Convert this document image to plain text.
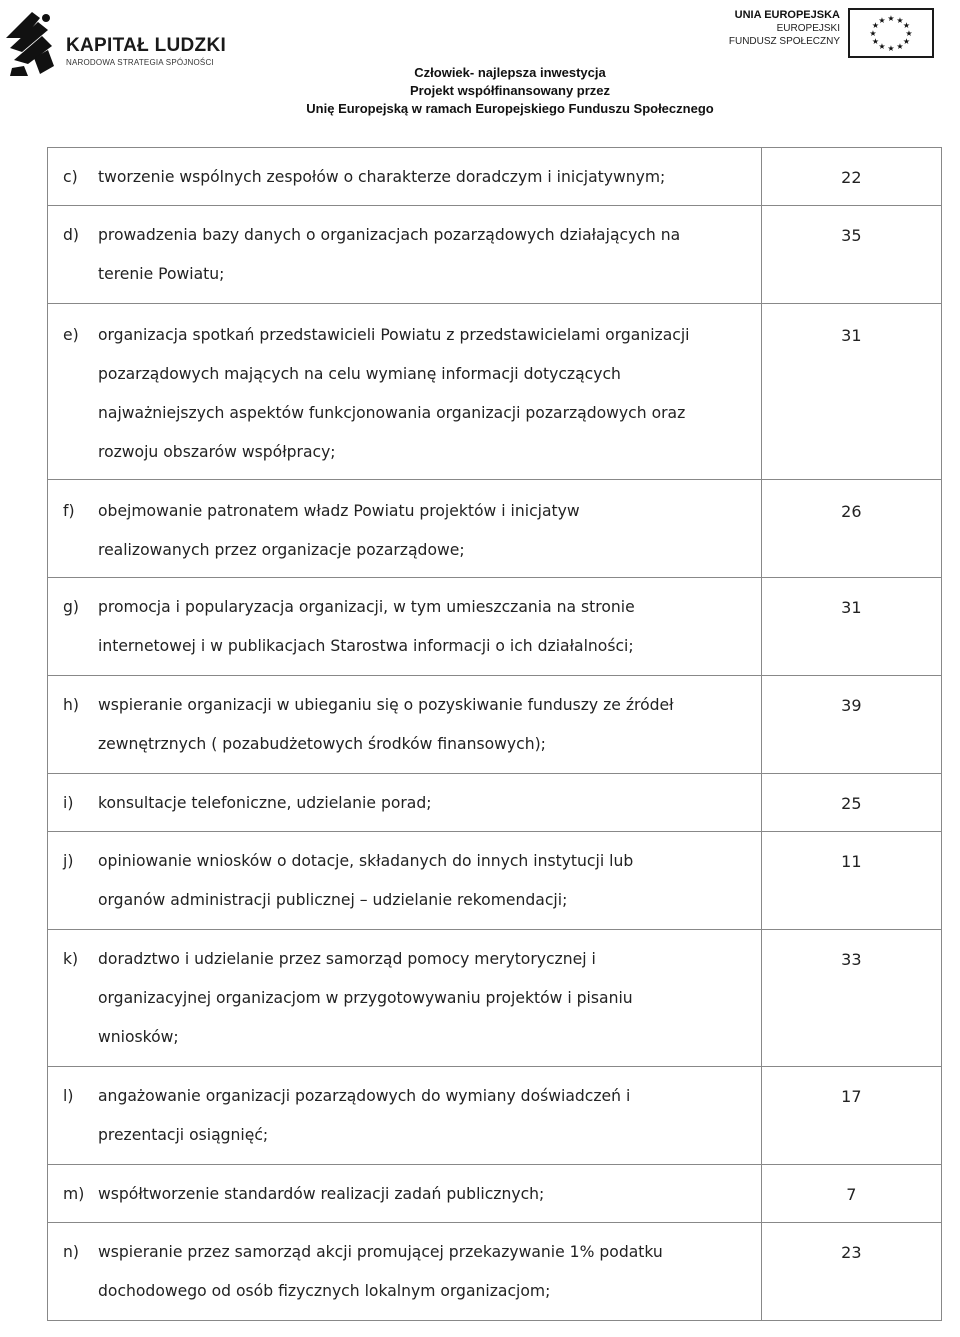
KAPITAŁ LUDZKI
NARODOWA STRATEGIA SPÓJNOŚCI
UNIA EUROPEJSKA
EUROPEJSKI
FUNDUSZ SPOŁECZNY
★ ★
★
★
★
★
★
★
★
★
★
★
Człowiek- najlepsza inwestycja
Projekt współfinansowany przez
Unię Europejską w ramach Europejskiego Funduszu Społecznego
c) tworzenie wspólnych zespołów o charakterze doradczym i inicjatywnym;	22

d) prowadzenia bazy danych o organizacjach pozarządowych działających na
terenie Powiatu;	35

e) organizacja spotkań przedstawicieli Powiatu z przedstawicielami organizacji
pozarządowych mających na celu wymianę informacji dotyczących
najważniejszych aspektów funkcjonowania organizacji pozarządowych oraz
rozwoju obszarów współpracy;	31

f) obejmowanie patronatem władz Powiatu projektów i inicjatyw
realizowanych przez organizacje pozarządowe;	26

g) promocja i popularyzacja organizacji, w tym umieszczania na stronie
internetowej i w publikacjach Starostwa informacji o ich działalności;	31

h) wspieranie organizacji w ubieganiu się o pozyskiwanie funduszy ze źródeł
zewnętrznych ( pozabudżetowych środków finansowych);	39

i) konsultacje telefoniczne, udzielanie porad;	25

j) opiniowanie wniosków o dotacje, składanych do innych instytucji lub
organów administracji publicznej – udzielanie rekomendacji;	11

k) doradztwo i udzielanie przez samorząd pomocy merytorycznej i
organizacyjnej organizacjom w przygotowywaniu projektów i pisaniu
wniosków;	33

l) angażowanie organizacji pozarządowych do wymiany doświadczeń i
prezentacji osiągnięć;	17

m) współtworzenie standardów realizacji zadań publicznych;	7

n) wspieranie przez samorząd akcji promującej przekazywanie 1% podatku
dochodowego od osób fizycznych lokalnym organizacjom;	23
